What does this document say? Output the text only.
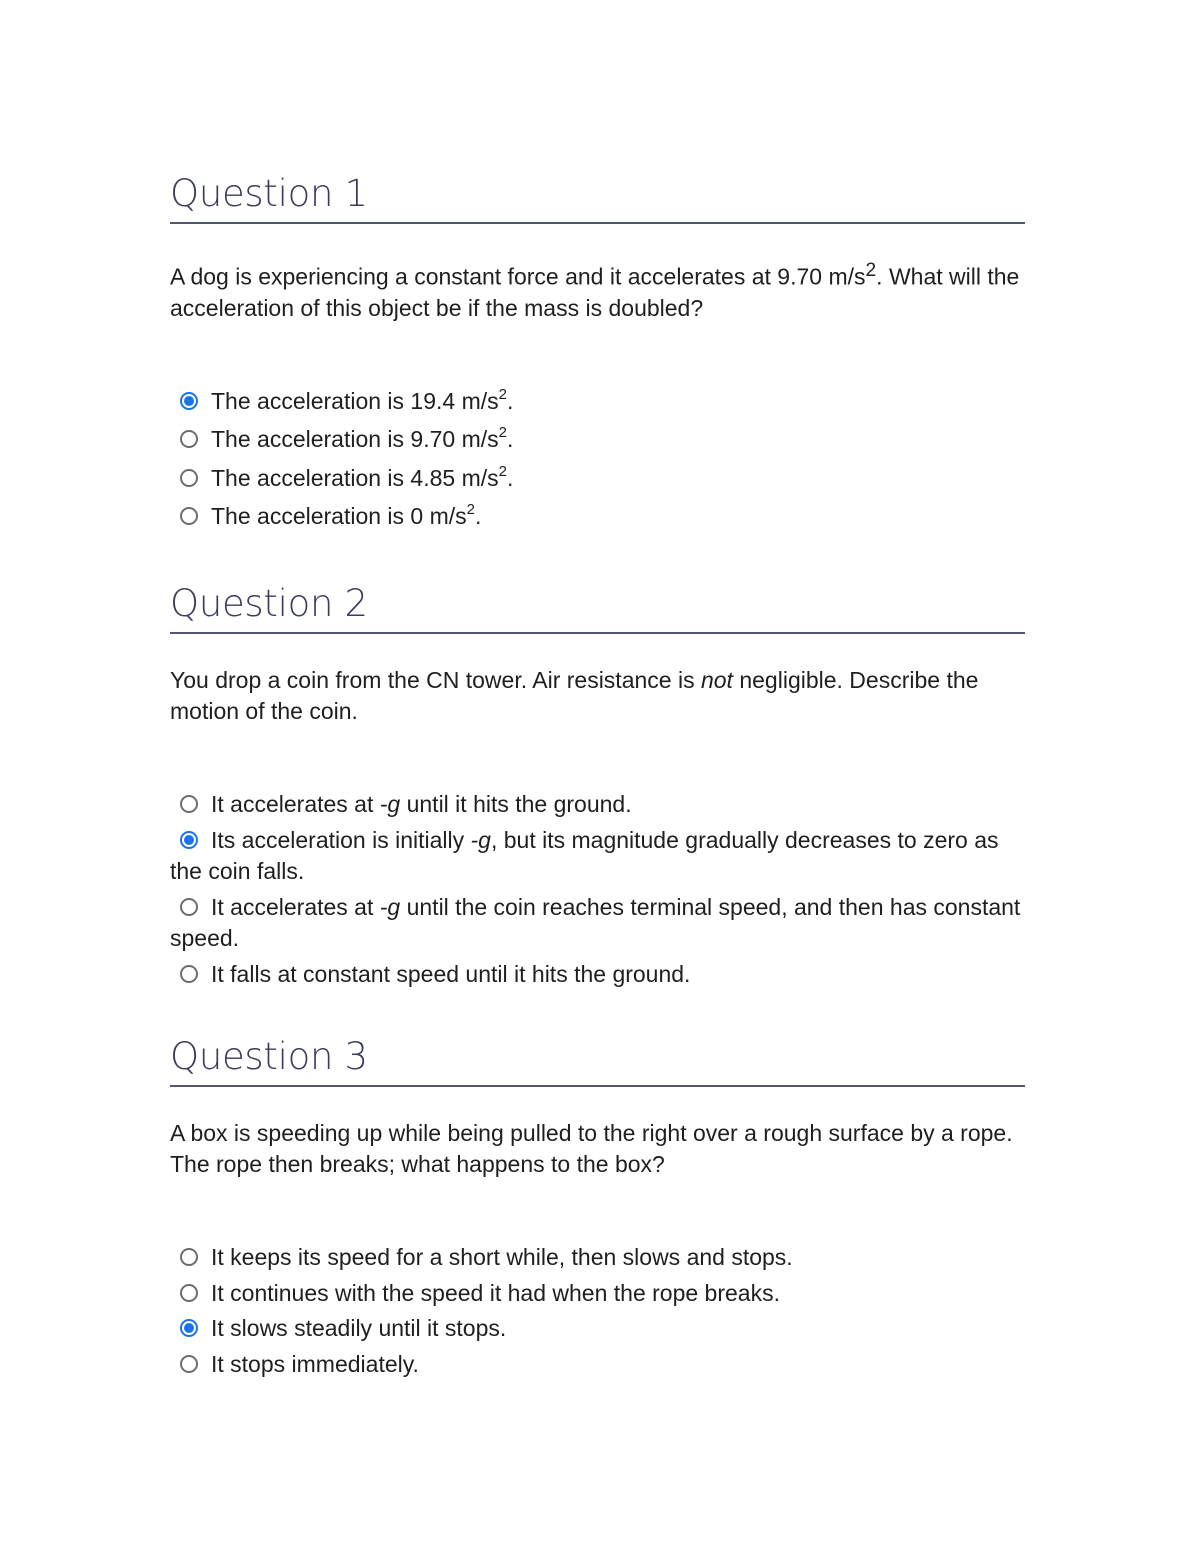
Question 1

A dog is experiencing a constant force and it accelerates at 9.70 $m/s^2$. What will the acceleration of this object be if the mass is doubled?

The acceleration is 19.4 $m/s^2$.
The acceleration is 9.70 $m/s^2$.
The acceleration is 4.85 $m/s^2$.
The acceleration is 0 $m/s^2$.
Question 2

You drop a coin from the CN tower. Air resistance is not negligible. Describe the motion of the coin.

It accelerates at -g until it hits the ground.
Its acceleration is initially -g, but its magnitude gradually decreases to zero as the coin falls.
It accelerates at -g until the coin reaches terminal speed, and then has constant speed.
It falls at constant speed until it hits the ground.
Question 3

A box is speeding up while being pulled to the right over a rough surface by a rope. The rope then breaks; what happens to the box?

It keeps its speed for a short while, then slows and stops.
It continues with the speed it had when the rope breaks.
It slows steadily until it stops.
It stops immediately.
